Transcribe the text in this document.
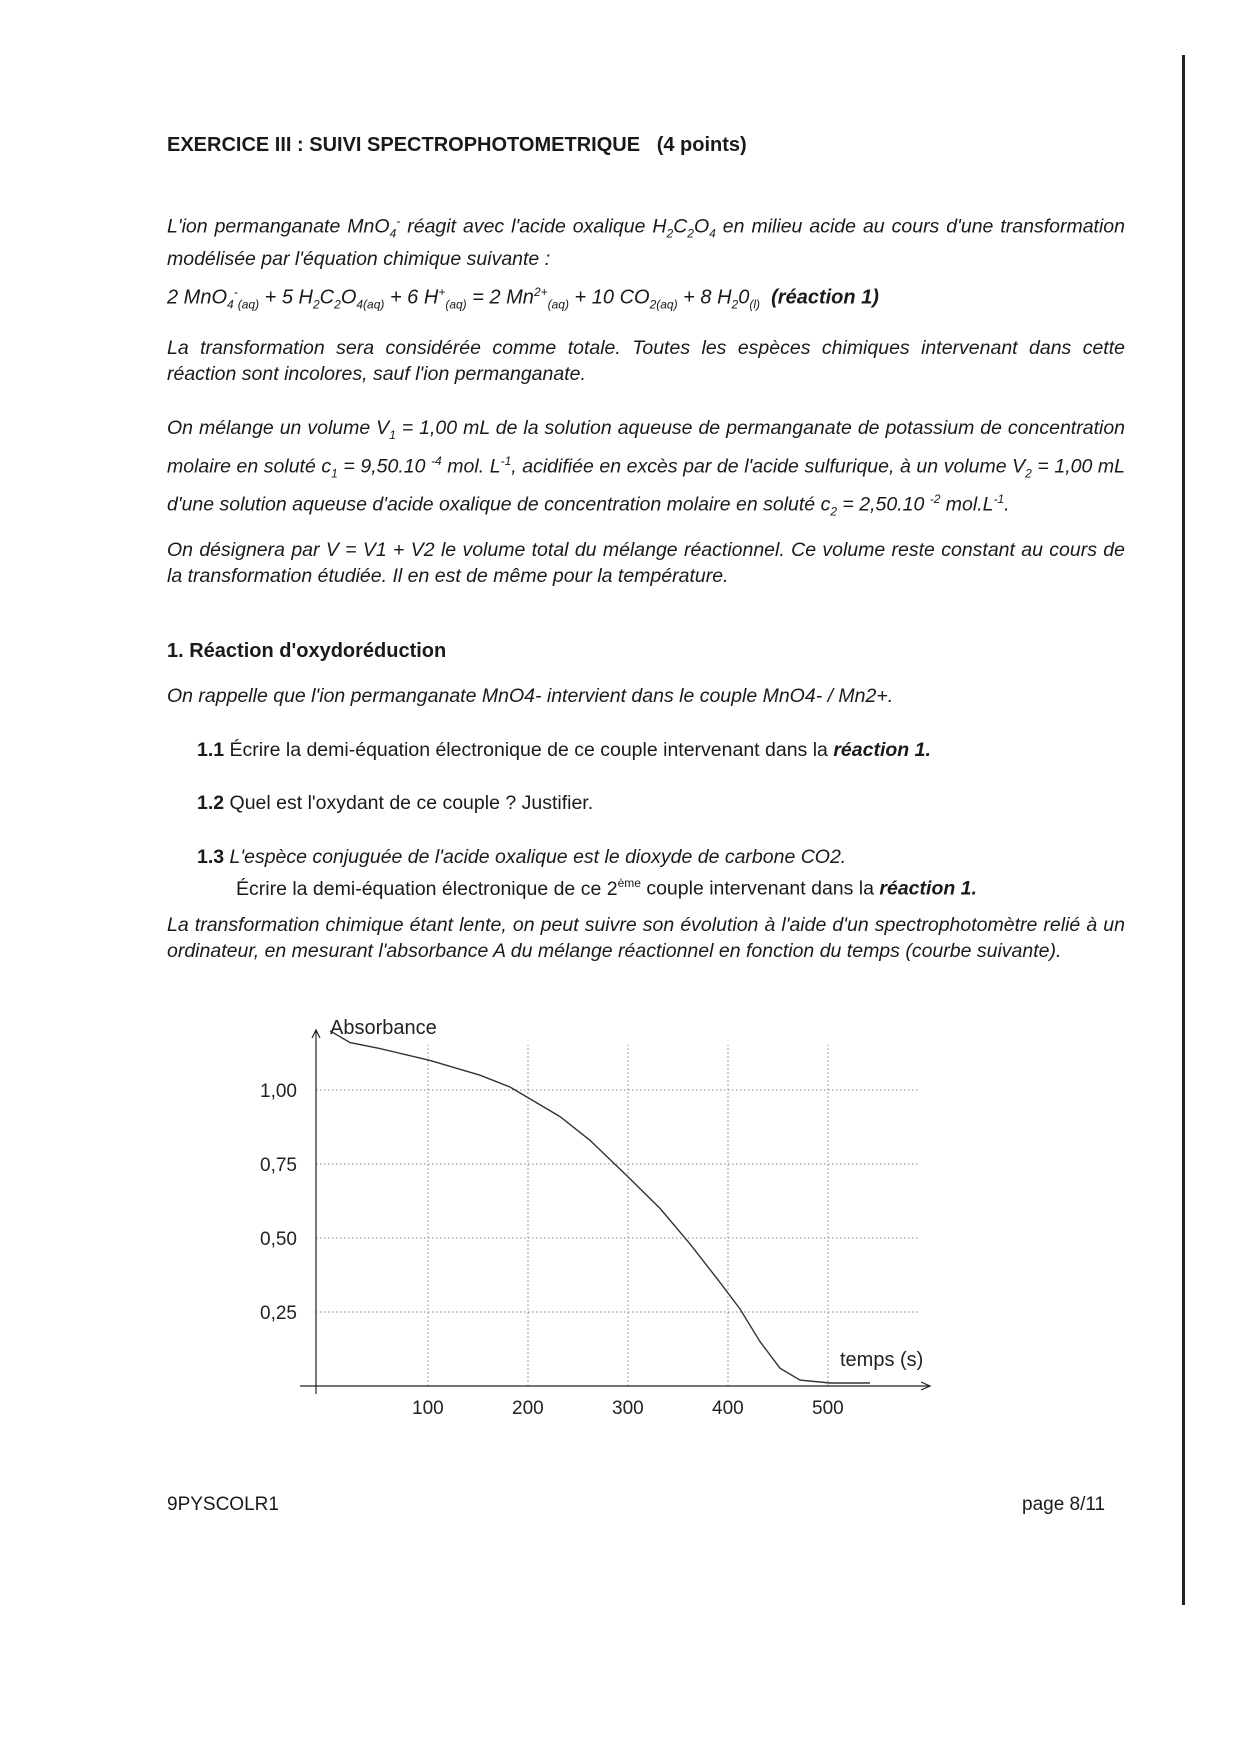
EXERCICE III : SUIVI SPECTROPHOTOMETRIQUE (4 points)
L'ion permanganate MnO$_4$- réagit avec l'acide oxalique $H_2C_2O_4$ en milieu acide au cours d'une transformation modélisée par l'équation chimique suivante :
2 MnO$_4$-$_{(aq)}$ + 5 $H_2C_2O_{4(aq)} + 6$ $H^+_{(aq)} = 2$ $Mn^{2+}_{(aq)} + 10$ $CO_{2(aq)} + 8$ $H_20_{(l)}$ (réaction 1)
La transformation sera considérée comme totale. Toutes les espèces chimiques intervenant dans cette réaction sont incolores, sauf l'ion permanganate.
On mélange un volume $V_1 = 1,00$ mL de la solution aqueuse de permanganate de potassium de concentration molaire en soluté $c_1 = 9,50.10$ $^{-4}$ mol. $L^{-1}$, acidifiée en excès par de l'acide sulfurique, à un volume $V_2 = 1,00$ mL d'une solution aqueuse d'acide oxalique de concentration molaire en soluté $c_2 = 2,50.10$ $^{-2}$ $mol.L^{-1}$.
On désignera par V = V1 + V2 le volume total du mélange réactionnel. Ce volume reste constant au cours de la transformation étudiée. Il en est de même pour la température.
1. Réaction d'oxydoréduction
On rappelle que l'ion permanganate MnO4- intervient dans le couple MnO4- / Mn2+.
1.1 Écrire la demi-équation électronique de ce couple intervenant dans la réaction 1.
1.2 Quel est l'oxydant de ce couple ? Justifier.
1.3 L'espèce conjuguée de l'acide oxalique est le dioxyde de carbone CO2.
Écrire la demi-équation électronique de ce 2ème couple intervenant dans la réaction 1.
La transformation chimique étant lente, on peut suivre son évolution à l'aide d'un spectrophotomètre relié à un ordinateur, en mesurant l'absorbance A du mélange réactionnel en fonction du temps (courbe suivante).
Absorbance
temps (s)
1,00
0,75
0,50
0,25
100	200	300	400	500
9PYSCOLR1	page 8/11
